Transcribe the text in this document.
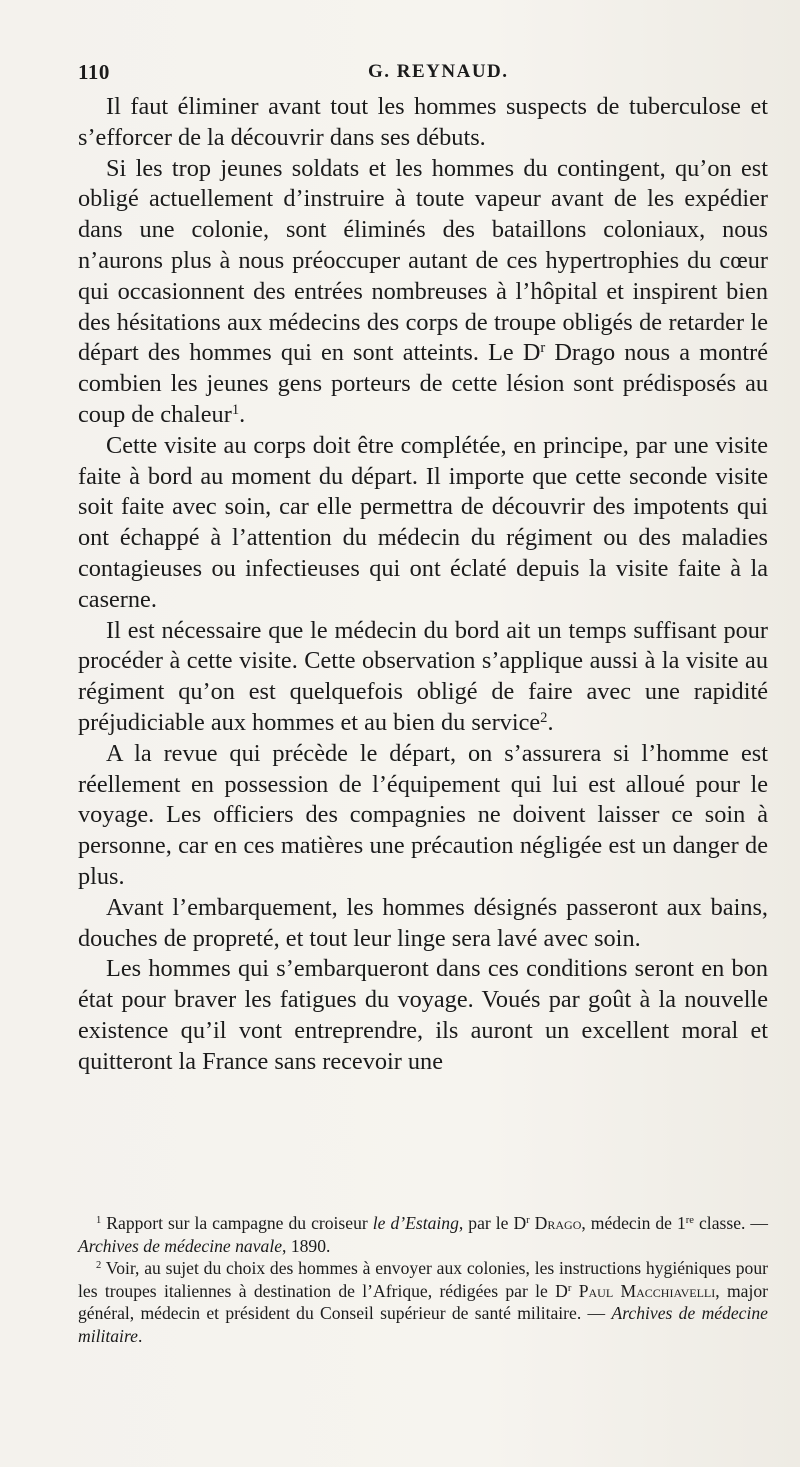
110	G. REYNAUD.

Il faut éliminer avant tout les hommes suspects de tuberculose et s’efforcer de la découvrir dans ses débuts.

Si les trop jeunes soldats et les hommes du contingent, qu’on est obligé actuellement d’instruire à toute vapeur avant de les expédier dans une colonie, sont éliminés des bataillons coloniaux, nous n’aurons plus à nous préoccuper autant de ces hypertrophies du cœur qui occasionnent des entrées nombreuses à l’hôpital et inspirent bien des hésitations aux médecins des corps de troupe obligés de retarder le départ des hommes qui en sont atteints. Le $D^r$ Drago nous a montré combien les jeunes gens porteurs de cette lésion sont prédisposés au coup de chaleur$^1$.

Cette visite au corps doit être complétée, en principe, par une visite faite à bord au moment du départ. Il importe que cette seconde visite soit faite avec soin, car elle permettra de découvrir des impotents qui ont échappé à l’attention du médecin du régiment ou des maladies contagieuses ou infectieuses qui ont éclaté depuis la visite faite à la caserne.

Il est nécessaire que le médecin du bord ait un temps suffisant pour procéder à cette visite. Cette observation s’applique aussi à la visite au régiment qu’on est quelquefois obligé de faire avec une rapidité préjudiciable aux hommes et au bien du service$^2$.

A la revue qui précède le départ, on s’assurera si l’homme est réellement en possession de l’équipement qui lui est alloué pour le voyage. Les officiers des compagnies ne doivent laisser ce soin à personne, car en ces matières une précaution négligée est un danger de plus.

Avant l’embarquement, les hommes désignés passeront aux bains, douches de propreté, et tout leur linge sera lavé avec soin.

Les hommes qui s’embarqueront dans ces conditions seront en bon état pour braver les fatigues du voyage. Voués par goût à la nouvelle existence qu’il vont entreprendre, ils auront un excellent moral et quitteront la France sans recevoir une

$^1$ Rapport sur la campagne du croiseur le d’Estaing, par le $D^r$ Drago, médecin de 1re classe. — Archives de médecine navale, 1890.

$^2$ Voir, au sujet du choix des hommes à envoyer aux colonies, les instructions hygiéniques pour les troupes italiennes à destination de l’Afrique, rédigées par le $D^r$ Paul Macchiavelli, major général, médecin et président du Conseil supérieur de santé militaire. — Archives de médecine militaire.
